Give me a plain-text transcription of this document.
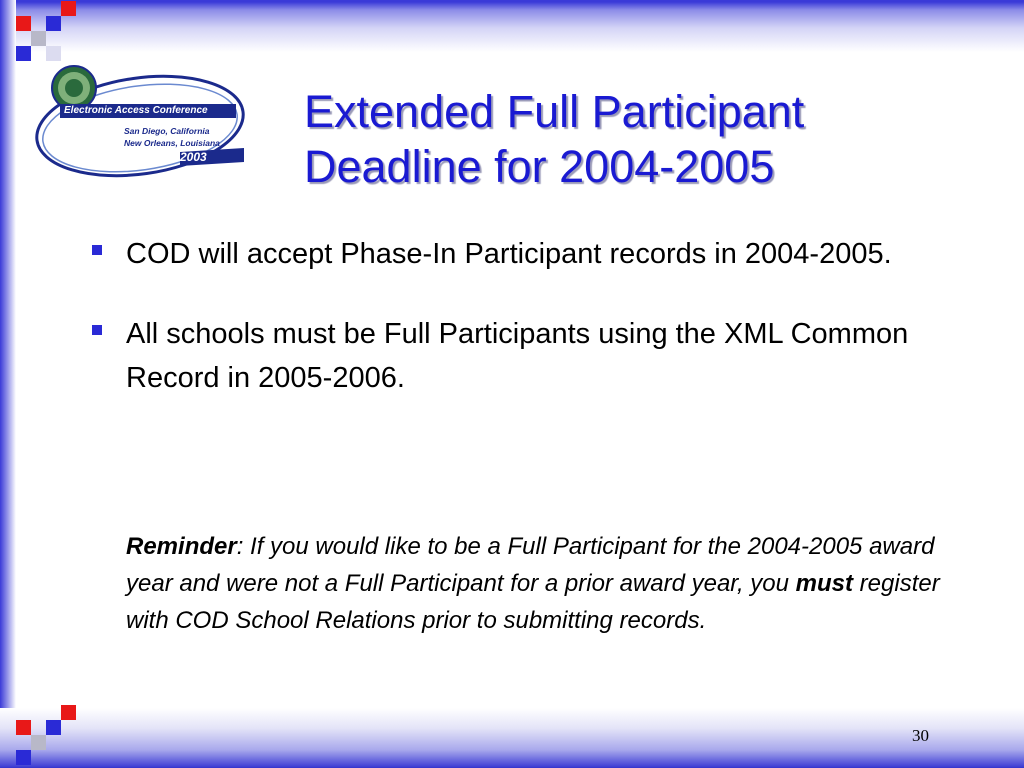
Electronic Access Conference
San Diego, California
New Orleans, Louisiana
2003
Extended Full Participant
Deadline for 2004-2005
COD will accept Phase-In Participant records in 2004-2005.
All schools must be Full Participants using the XML Common Record in 2005-2006.
Reminder: If you would like to be a Full Participant for the 2004-2005 award year and were not a Full Participant for a prior award year, you must register with COD School Relations prior to submitting records.
30
